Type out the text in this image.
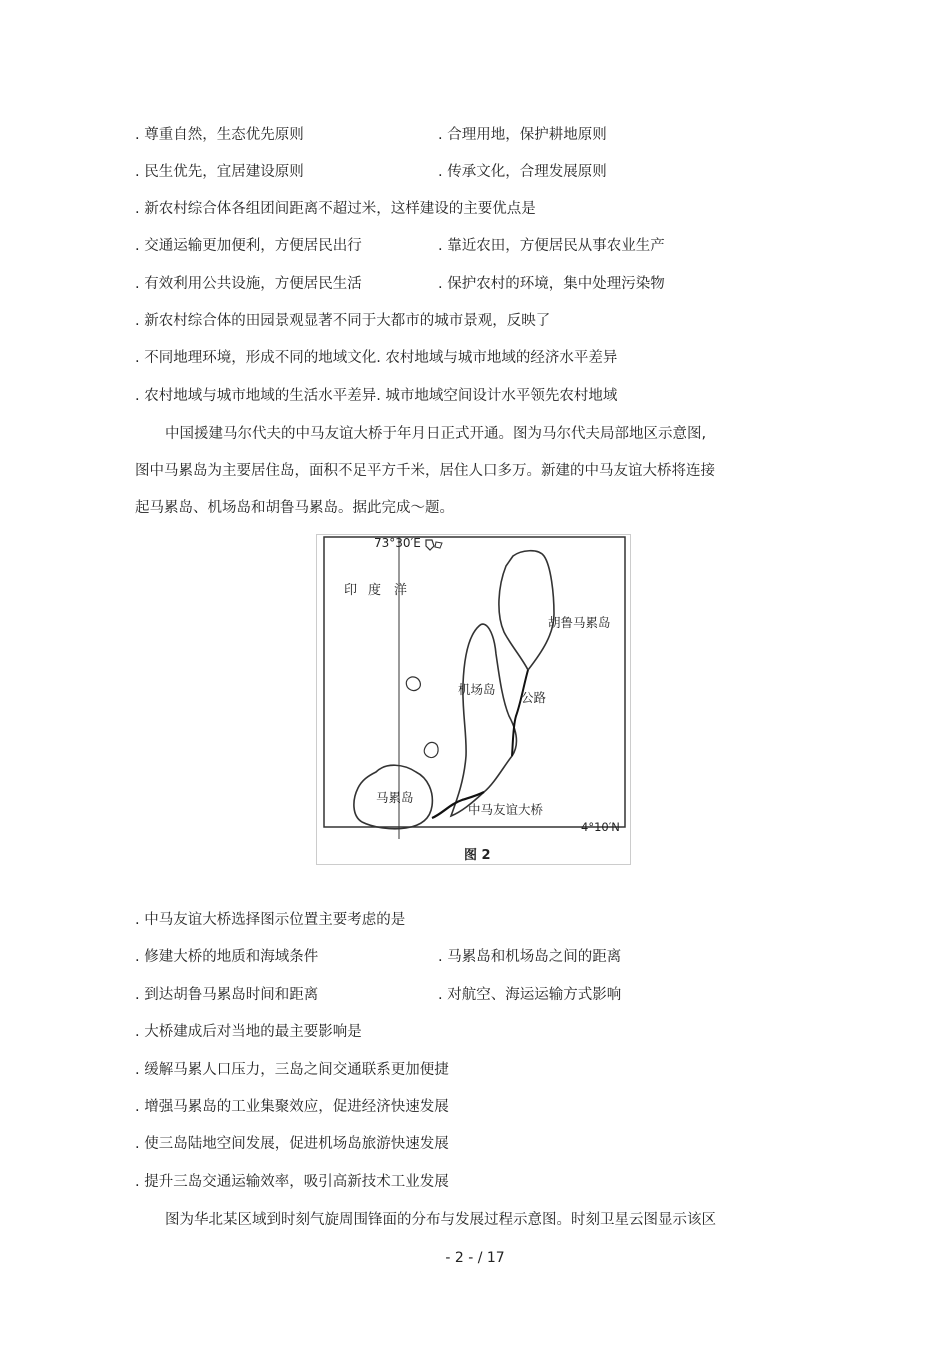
. 尊重自然，生态优先原则	. 合理用地，保护耕地原则
. 民生优先，宜居建设原则	. 传承文化，合理发展原则
. 新农村综合体各组团间距离不超过米，这样建设的主要优点是
. 交通运输更加便利，方便居民出行	. 靠近农田，方便居民从事农业生产
. 有效利用公共设施，方便居民生活	. 保护农村的环境，集中处理污染物
. 新农村综合体的田园景观显著不同于大都市的城市景观，反映了
. 不同地理环境，形成不同的地域文化. 农村地域与城市地域的经济水平差异
. 农村地域与城市地域的生活水平差异. 城市地域空间设计水平领先农村地域
中国援建马尔代夫的中马友谊大桥于年月日正式开通。图为马尔代夫局部地区示意图,
图中马累岛为主要居住岛，面积不足平方千米，居住人口多万。新建的中马友谊大桥将连接
起马累岛、机场岛和胡鲁马累岛。据此完成～题。
73°30′E
印 度 洋
胡鲁马累岛
机场岛
公路
马累岛
中马友谊大桥
4°10′N
图 2
. 中马友谊大桥选择图示位置主要考虑的是
. 修建大桥的地质和海域条件	. 马累岛和机场岛之间的距离
. 到达胡鲁马累岛时间和距离	. 对航空、海运运输方式影响
. 大桥建成后对当地的最主要影响是
. 缓解马累人口压力，三岛之间交通联系更加便捷
. 增强马累岛的工业集聚效应，促进经济快速发展
. 使三岛陆地空间发展，促进机场岛旅游快速发展
. 提升三岛交通运输效率，吸引高新技术工业发展
图为华北某区域到时刻气旋周围锋面的分布与发展过程示意图。时刻卫星云图显示该区
- 2 - / 17
